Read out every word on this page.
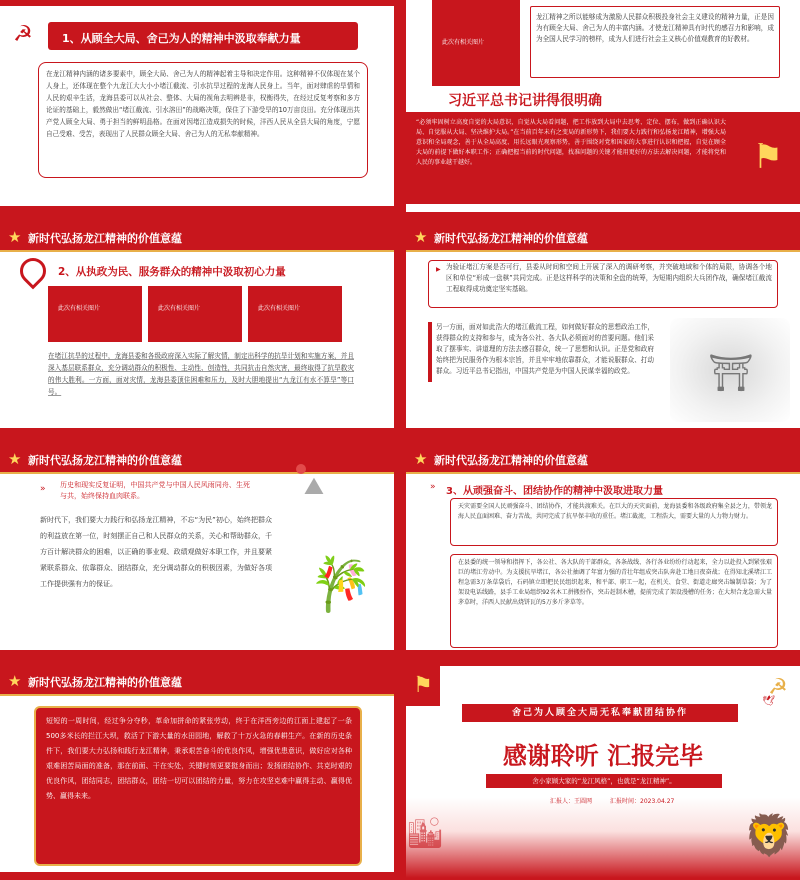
☭	1、从顾全大局、舍己为人的精神中汲取奉献力量
在龙江精神内涵的诸多要素中，顾全大局、舍己为人的精神起着主导和决定作用。这种精神不仅体现在某个人身上，还体现在整个九龙江大大小小堵江截流、引水抗旱过程的龙海人民身上。当年，面对肆虐的旱情和人民的艰辛生活，龙海县委可以从社会、整体、大局的视角去明辨是非，权衡得失，在经过反复考察和多方论证的基础上，毅然做出“堵江截流、引水溶田”的战略决策，保住了下游受旱的10万亩良田。充分体现出共产党人顾全大局、勇于担当的鲜明品格。在面对因堵江造成损失的时候，洋西人民从全县大局的角度，宁愿自己受难、受苦，表现出了人民群众顾全大局、舍己为人的无私奉献精神。
此次有相关图片
龙江精神之所以能够成为激励人民群众积极投身社会主义建设的精神力量，正是因为有顾全大局、舍己为人的丰富内涵。才使龙江精神具有时代的感召力和影响，成为全国人民学习的榜样，成为人们进行社会主义核心价值观教育的好教材。
习近平总书记讲得很明确
“必须牢固树立高度自觉的大局意识，自觉从大局看问题，把工作放到大局中去思考、定位、摆布，做到正确认识大局、自觉服从大局、坚决维护大局。”在当前百年未有之变局的新形势下，我们要大力践行和弘扬龙江精神，增强大局意识和全局观念，善于从全局高度、用长远眼光观察形势，善于围绕对党和国家的大事进行认识和把握，自觉在顾全大局的前提下做好本职工作；正确把握当前的时代问题，找准问题的关键才能用更好的方法去解决问题，才能将党和人民的事业越干越好。	⚑
★ 新时代弘扬龙江精神的价值意蕴
2、从执政为民、服务群众的精神中汲取初心力量
此次有相关图片	此次有相关图片	此次有相关图片
在堵江抗旱的过程中，龙海县委和各级政府深入实际了解灾情，制定出科学的抗旱计划和实施方案，并且深入基层联系群众，充分调动群众的积极性、主动性、创造性，共同抗击自然灾害，最终取得了抗旱救灾的伟大胜利。一方面，面对灾情，龙海县委顶住困难和压力，及时大胆地提出“九龙江有水不算旱”等口号。
★ 新时代弘扬龙江精神的价值意蕴
▶ 为验证堵江方案是否可行，县委从时间和空间上开展了深入的调研考察，并突破地域和个体的局限，协调各个地区和单位“形成一盘棋”共同完成。正是这样科学的决策和全盘的统筹，为短期内组织大兵团作战，确保堵江截流工程取得成功奠定坚实基础。
另一方面，面对如此浩大的堵江截流工程，如何做好群众的思想政治工作，获得群众的支持和参与，成为各公社、各大队必须面对的首要问题。他们采取了摆事实、讲道理的方法去感召群众，统一了思想和认识。正是党和政府始终把为民服务作为根本宗旨，并且牢牢地依靠群众，才能说服群众、打动群众。习近平总书记指出，中国共产党是为中国人民谋幸福的政党。	⛩
★ 新时代弘扬龙江精神的价值意蕴
» 历史和现实反复证明，中国共产党与中国人民风雨同舟、生死与共，始终保持血肉联系。
新时代下，我们要大力践行和弘扬龙江精神，不忘“为民”初心，始终把群众的利益放在第一位，时刻摆正自己和人民群众的关系，关心和帮助群众，千方百计解决群众的困难，以正确的事业观、政绩观做好本职工作，并且要紧紧联系群众、依靠群众、团结群众，充分调动群众的积极因素，为做好各项工作提供强有力的保证。
⛰
🎋
★ 新时代弘扬龙江精神的价值意蕴
» 3、从顽强奋斗、团结协作的精神中汲取进取力量
天灾需要全国人民顽强奋斗、团结协作，才能共渡难关。在巨大的天灾面前，龙海县委和各级政府集全县之力，带领龙海人民直面困难、奋力苦战，共同完成了抗旱保丰收的重任。堵江截流，工程浩大，需要大量的人力物力财力。
在县委的统一领导和指挥下，各公社、各大队的干部群众，各条战线、各行各业纷纷行动起来，全力以赴投入到紧张艰巨的堵江劳动中。为支援抗旱堵江，各公社抽调了年富力强的青壮年组成突击队奔赴工地日夜奋战；在得知北溪堵江工程急需3万条草袋后，石码镇立即把民民组织起来，和平部、职工一起，在机关、食堂、街道走廊突击编制草袋；为了架设电话线路，县手工业局组织92名木工拼搬扮作，突击赶制木槽，提前完成了架设漫槽的任务；在大坝合龙急需大量茅草时，洋西人民献出烧饼瓦的5万多斤茅草等。
★ 新时代弘扬龙江精神的价值意蕴
短短的一周时间，经过争分夺秒，革命加拼命的紧张劳动，终于在洋西旁边的江面上建起了一条500多米长的拦江大坝，救活了下游大量的水田园地，解救了十万火急的春耕生产。在新的历史条件下，我们要大力弘扬和践行龙江精神，秉承艰苦奋斗的优良作风，增强优患意识，做好应对各种艰难困苦局面的准备，那在前面、干在实处，关键时刻更要挺身而出；发扬团结协作、共克时艰的优良作风，团结同志，团结群众，团结一切可以团结的力量，努力在攻坚克难中赢得主动、赢得优势、赢得未来。
⚑	☭
🕊
舍己为人顾全大局无私奉献团结协作
感谢聆听 汇报完毕
舍小家顾大家的“龙江风格”，也就是“龙江精神”。
汇报人：王圆网	汇报时间：2023.04.27
🏙	🦁
